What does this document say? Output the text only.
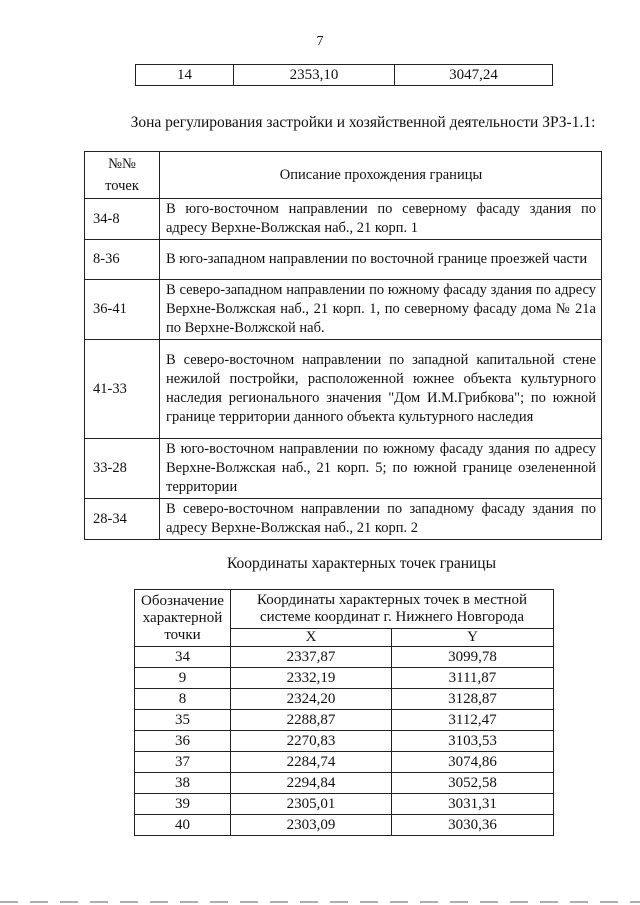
7
14	2353,10	3047,24
Зона регулирования застройки и хозяйственной деятельности ЗРЗ-1.1:
№№
точек	Описание прохождения границы
34-8	В юго-восточном направлении по северному фасаду здания по адресу Верхне-Волжская наб., 21 корп. 1
8-36	В юго-западном направлении по восточной границе проезжей части
36-41	В северо-западном направлении по южному фасаду здания по адресу Верхне-Волжская наб., 21 корп. 1, по северному фасаду дома № 21а по Верхне-Волжской наб.
41-33	В северо-восточном направлении по западной капитальной стене нежилой постройки, расположенной южнее объекта культурного наследия регионального значения "Дом И.М.Грибкова"; по южной границе территории данного объекта культурного наследия
33-28	В юго-восточном направлении по южному фасаду здания по адресу Верхне-Волжская наб., 21 корп. 5; по южной границе озелененной территории
28-34	В северо-восточном направлении по западному фасаду здания по адресу Верхне-Волжская наб., 21 корп. 2
Координаты характерных точек границы
Обозначение характерной точки	Координаты характерных точек в местной системе координат г. Нижнего Новгорода	
	X	Y
34	2337,87	3099,78
9	2332,19	3111,87
8	2324,20	3128,87
35	2288,87	3112,47
36	2270,83	3103,53
37	2284,74	3074,86
38	2294,84	3052,58
39	2305,01	3031,31
40	2303,09	3030,36
